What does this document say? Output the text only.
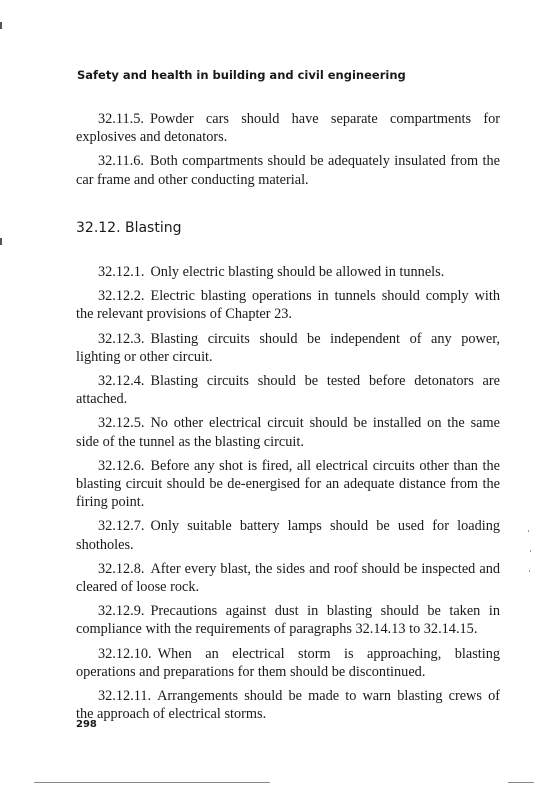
Safety and health in building and civil engineering

32.11.5. Powder cars should have separate compartments for explosives and detonators.

32.11.6. Both compartments should be adequately insulated from the car frame and other conducting material.

32.12. Blasting

32.12.1. Only electric blasting should be allowed in tunnels.

32.12.2. Electric blasting operations in tunnels should comply with the relevant provisions of Chapter 23.

32.12.3. Blasting circuits should be independent of any power, lighting or other circuit.

32.12.4. Blasting circuits should be tested before detonators are attached.

32.12.5. No other electrical circuit should be installed on the same side of the tunnel as the blasting circuit.

32.12.6. Before any shot is fired, all electrical circuits other than the blasting circuit should be de-energised for an adequate distance from the firing point.

32.12.7. Only suitable battery lamps should be used for loading shotholes.

32.12.8. After every blast, the sides and roof should be inspected and cleared of loose rock.

32.12.9. Precautions against dust in blasting should be taken in compliance with the requirements of paragraphs 32.14.13 to 32.14.15.

32.12.10. When an electrical storm is approaching, blasting operations and preparations for them should be discontinued.

32.12.11. Arrangements should be made to warn blasting crews of the approach of electrical storms.

298
